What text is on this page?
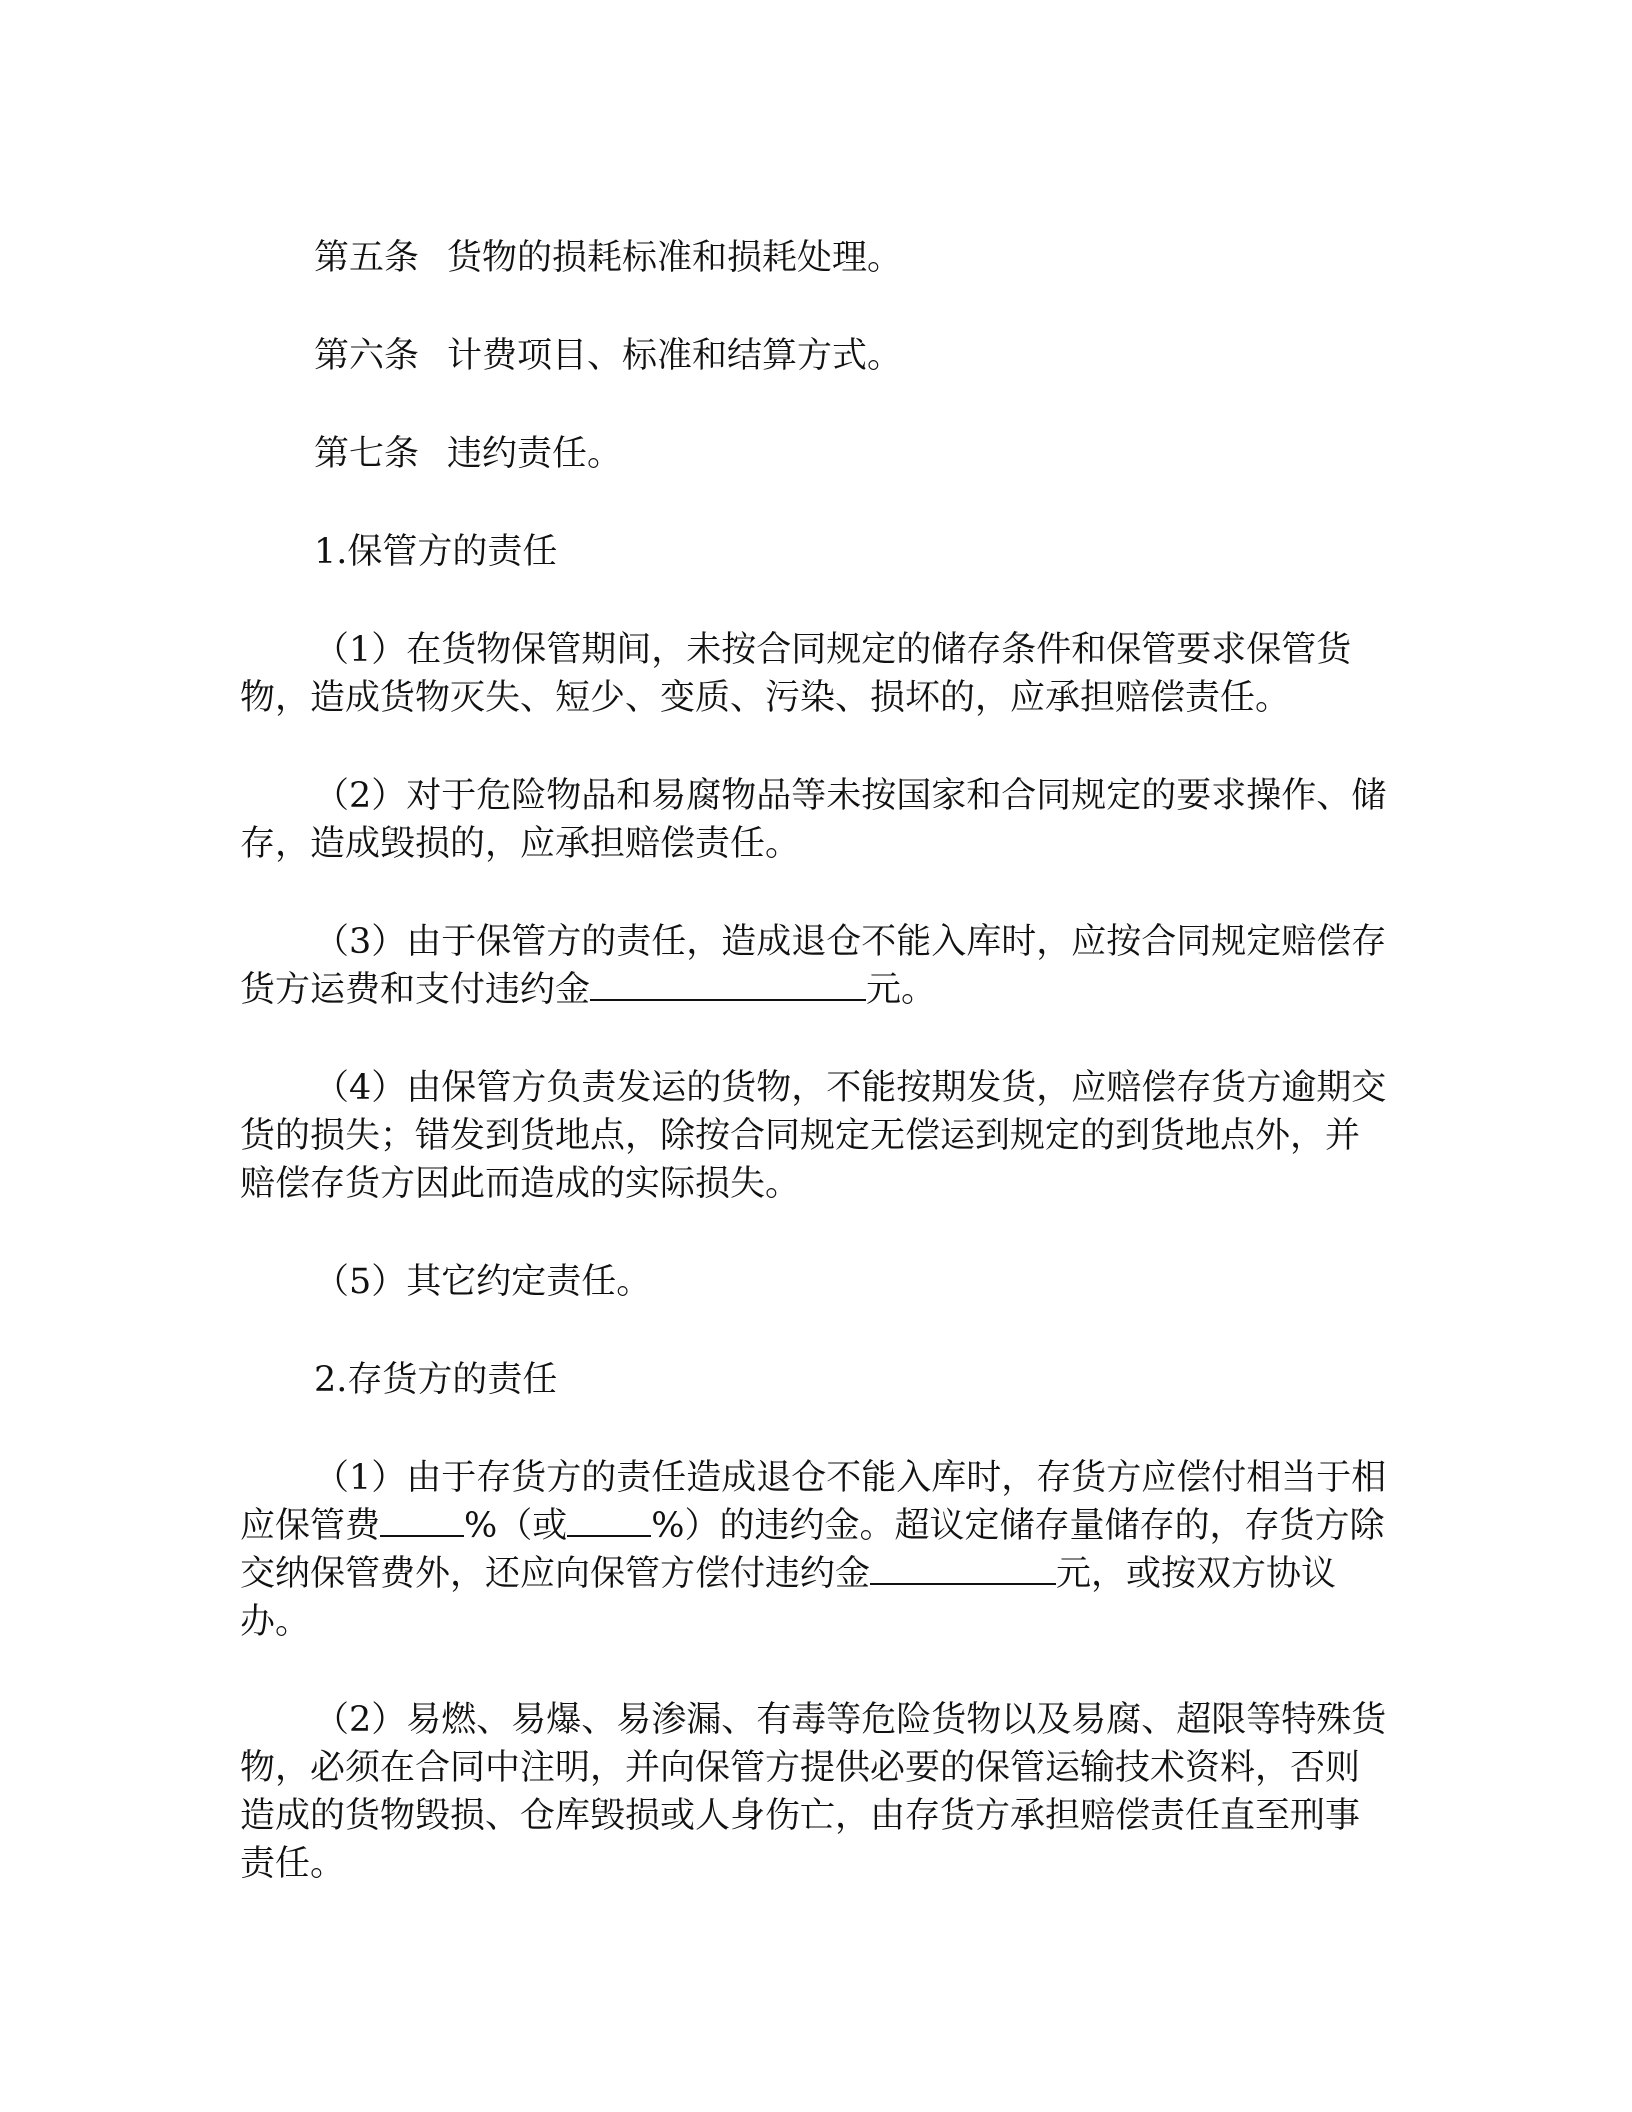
第五条 货物的损耗标准和损耗处理。

第六条 计费项目、标准和结算方式。

第七条 违约责任。

1.保管方的责任

（1）在货物保管期间，未按合同规定的储存条件和保管要求保管货物，造成货物灭失、短少、变质、污染、损坏的，应承担赔偿责任。

（2）对于危险物品和易腐物品等未按国家和合同规定的要求操作、储存，造成毁损的，应承担赔偿责任。

（3）由于保管方的责任，造成退仓不能入库时，应按合同规定赔偿存货方运费和支付违约金	元。

（4）由保管方负责发运的货物，不能按期发货，应赔偿存货方逾期交货的损失；错发到货地点，除按合同规定无偿运到规定的到货地点外，并赔偿存货方因此而造成的实际损失。

（5）其它约定责任。

2.存货方的责任

（1）由于存货方的责任造成退仓不能入库时，存货方应偿付相当于相应保管费 %（或 %）的违约金。超议定储存量储存的，存货方除交纳保管费外，还应向保管方偿付违约金	元，或按双方协议办。

（2）易燃、易爆、易渗漏、有毒等危险货物以及易腐、超限等特殊货物，必须在合同中注明，并向保管方提供必要的保管运输技术资料，否则造成的货物毁损、仓库毁损或人身伤亡，由存货方承担赔偿责任直至刑事责任。
